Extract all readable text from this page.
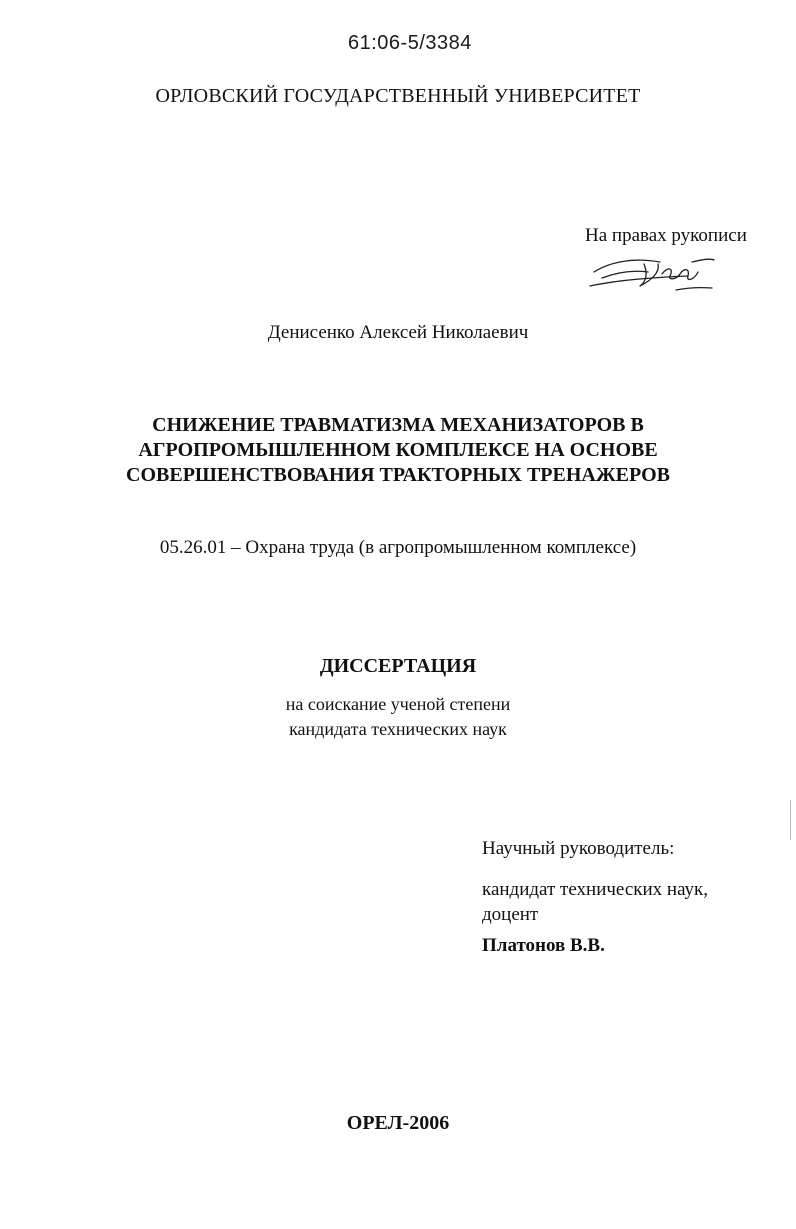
61:06-5/3384
ОРЛОВСКИЙ ГОСУДАРСТВЕННЫЙ УНИВЕРСИТЕТ
На правах рукописи
Денисенко Алексей Николаевич
СНИЖЕНИЕ ТРАВМАТИЗМА МЕХАНИЗАТОРОВ В
АГРОПРОМЫШЛЕННОМ КОМПЛЕКСЕ НА ОСНОВЕ
СОВЕРШЕНСТВОВАНИЯ ТРАКТОРНЫХ ТРЕНАЖЕРОВ
05.26.01 – Охрана труда (в агропромышленном комплексе)
ДИССЕРТАЦИЯ
на соискание ученой степени
кандидата технических наук
Научный руководитель:
кандидат технических наук,
доцент
Платонов В.В.
ОРЕЛ-2006
